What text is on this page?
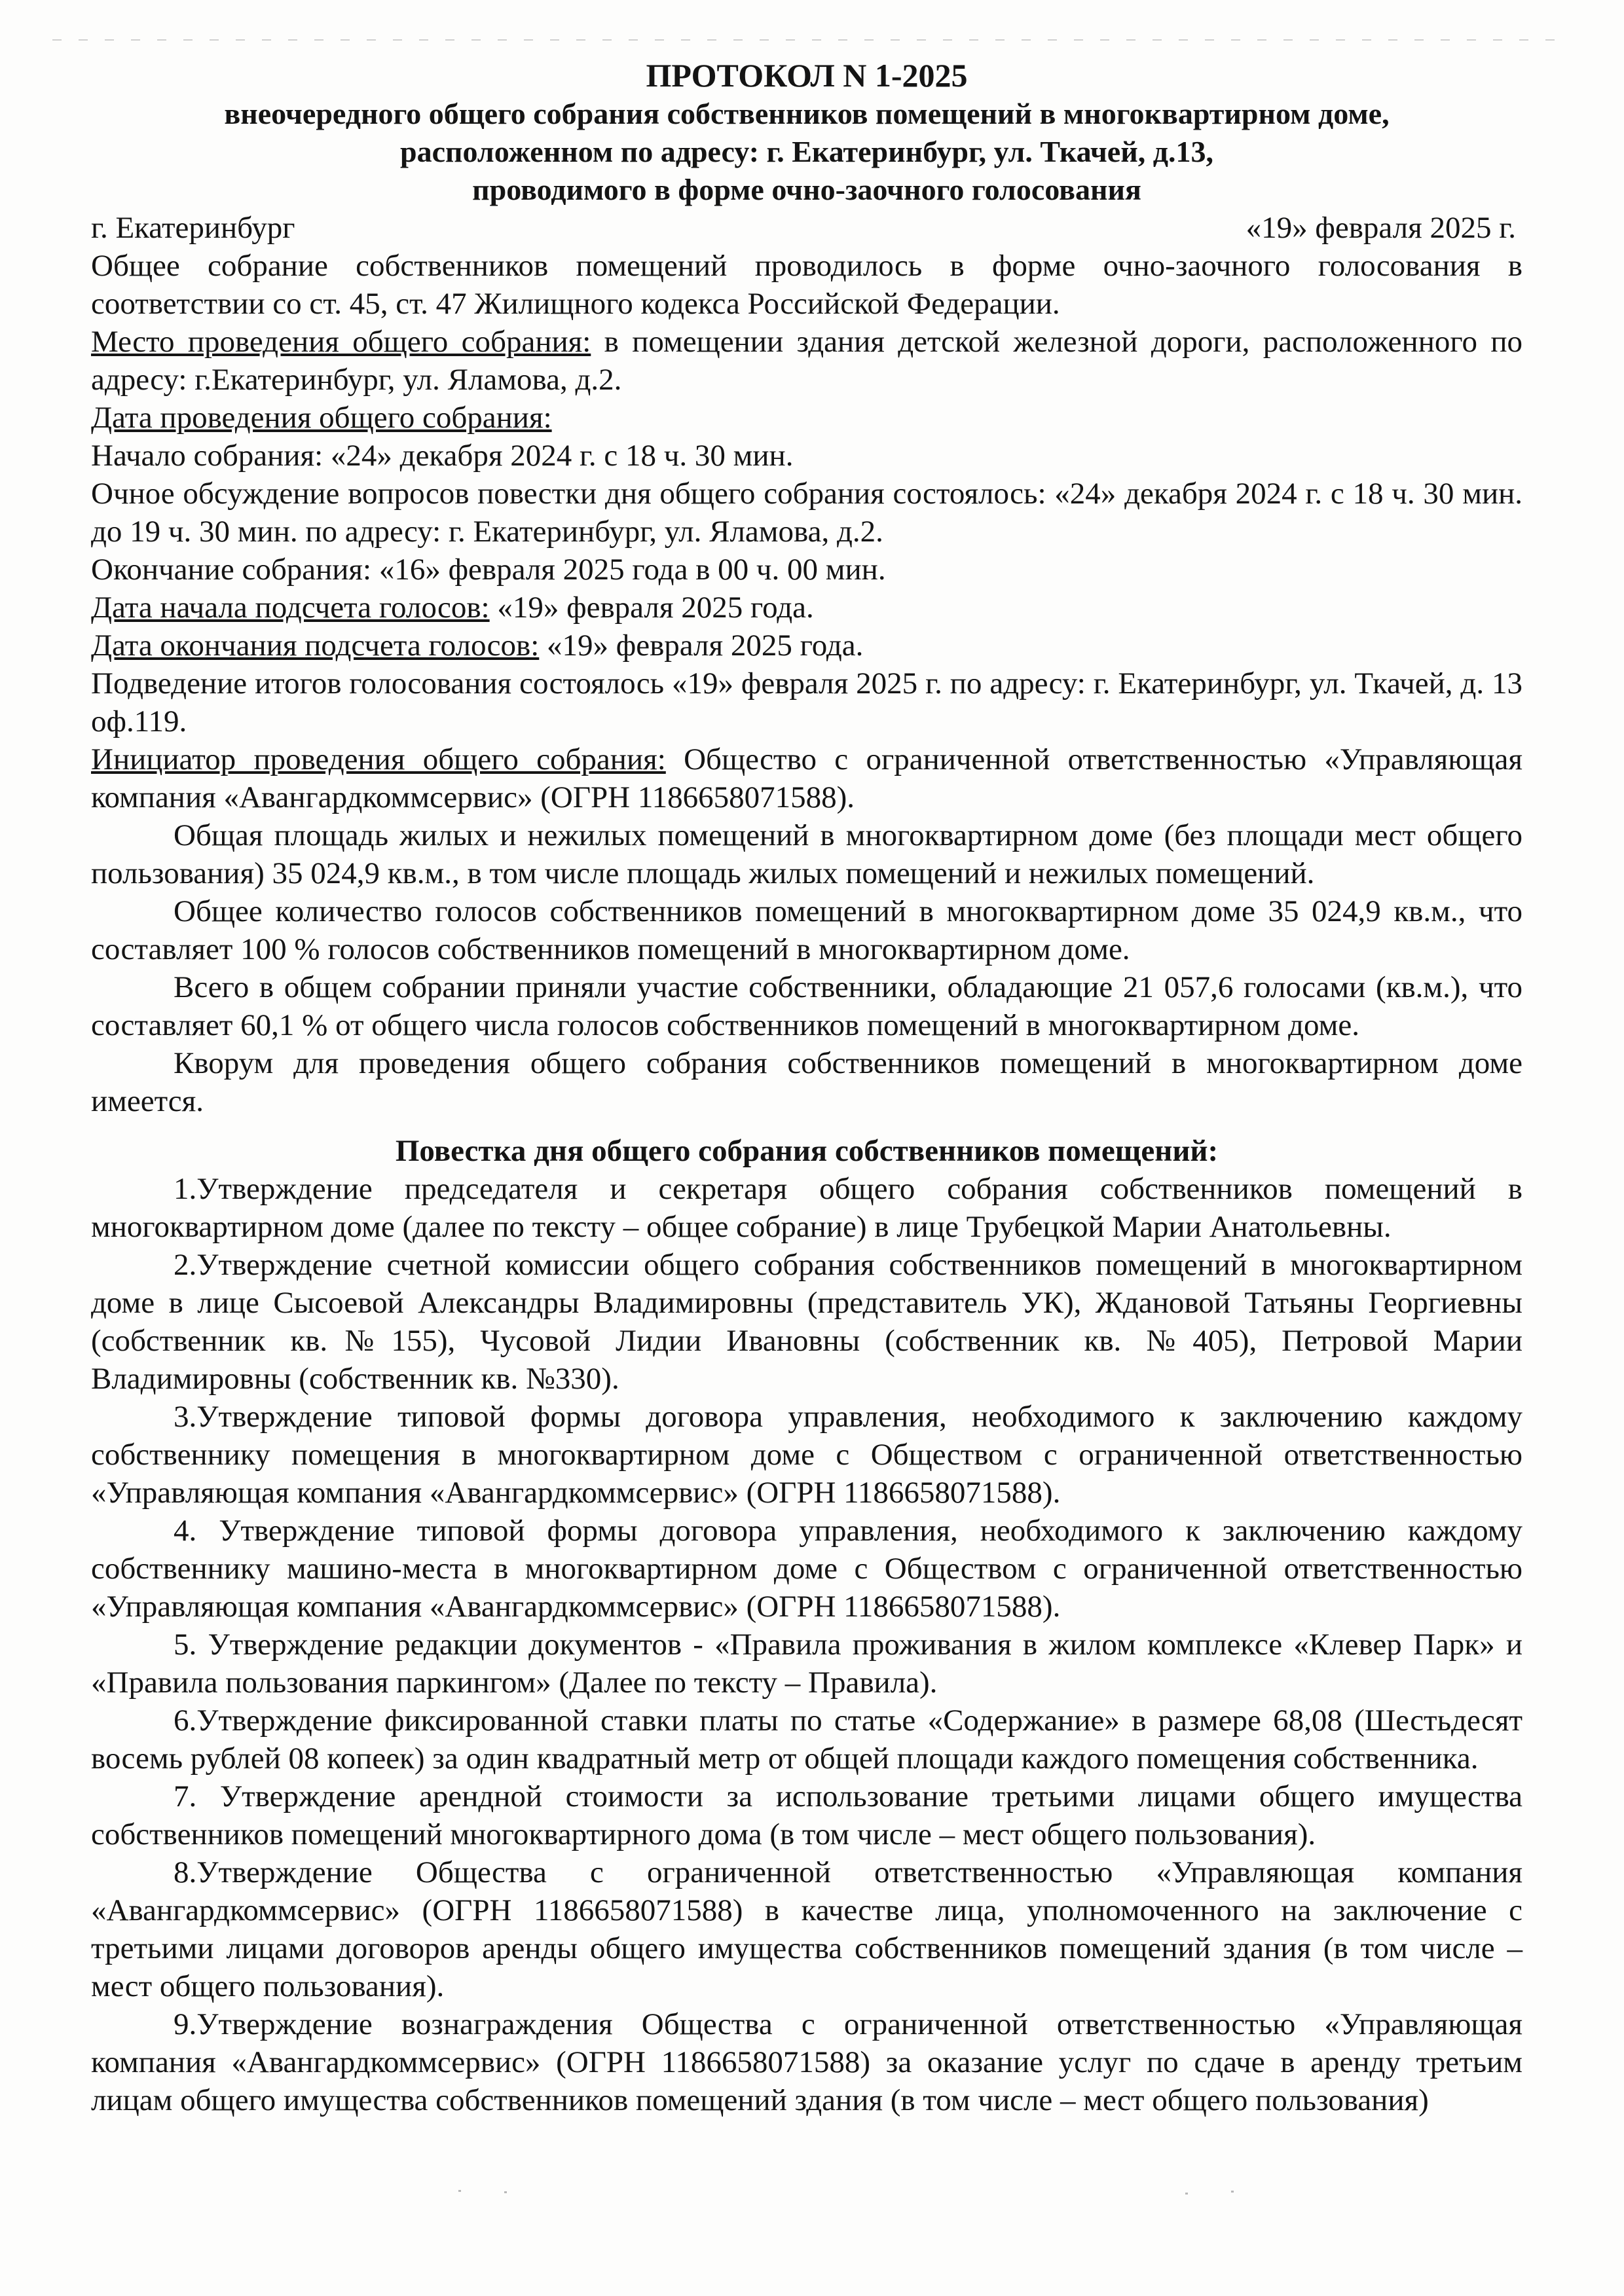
ПРОТОКОЛ N 1-2025
внеочередного общего собрания собственников помещений в многоквартирном доме,
расположенном по адресу: г. Екатеринбург, ул. Ткачей, д.13,
проводимого в форме очно-заочного голосования
г. Екатеринбург	«19» февраля 2025 г.

Общее собрание собственников помещений проводилось в форме очно-заочного голосования в соответствии со ст. 45, ст. 47 Жилищного кодекса Российской Федерации.

Место проведения общего собрания: в помещении здания детской железной дороги, расположенного по адресу: г.Екатеринбург, ул. Яламова, д.2.

Дата проведения общего собрания:

Начало собрания: «24» декабря 2024 г. с 18 ч. 30 мин.

Очное обсуждение вопросов повестки дня общего собрания состоялось: «24» декабря 2024 г. с 18 ч. 30 мин. до 19 ч. 30 мин. по адресу: г. Екатеринбург, ул. Яламова, д.2.

Окончание собрания: «16» февраля 2025 года в 00 ч. 00 мин.

Дата начала подсчета голосов: «19» февраля 2025 года.

Дата окончания подсчета голосов: «19» февраля 2025 года.

Подведение итогов голосования состоялось «19» февраля 2025 г. по адресу: г. Екатеринбург, ул. Ткачей, д. 13 оф.119.

Инициатор проведения общего собрания: Общество с ограниченной ответственностью «Управляющая компания «Авангардкоммсервис» (ОГРН 1186658071588).

Общая площадь жилых и нежилых помещений в многоквартирном доме (без площади мест общего пользования) 35 024,9 кв.м., в том числе площадь жилых помещений и нежилых помещений.

Общее количество голосов собственников помещений в многоквартирном доме 35 024,9 кв.м., что составляет 100 % голосов собственников помещений в многоквартирном доме.

Всего в общем собрании приняли участие собственники, обладающие 21 057,6 голосами (кв.м.), что составляет 60,1 % от общего числа голосов собственников помещений в многоквартирном доме.

Кворум для проведения общего собрания собственников помещений в многоквартирном доме имеется.

Повестка дня общего собрания собственников помещений:

1.Утверждение председателя и секретаря общего собрания собственников помещений в многоквартирном доме (далее по тексту – общее собрание) в лице Трубецкой Марии Анатольевны.

2.Утверждение счетной комиссии общего собрания собственников помещений в многоквартирном доме в лице Сысоевой Александры Владимировны (представитель УК), Ждановой Татьяны Георгиевны (собственник кв.№155), Чусовой Лидии Ивановны (собственник кв. №405), Петровой Марии Владимировны (собственник кв. №330).

3.Утверждение типовой формы договора управления, необходимого к заключению каждому собственнику помещения в многоквартирном доме с Обществом с ограниченной ответственностью «Управляющая компания «Авангардкоммсервис» (ОГРН 1186658071588).

4. Утверждение типовой формы договора управления, необходимого к заключению каждому собственнику машино-места в многоквартирном доме с Обществом с ограниченной ответственностью «Управляющая компания «Авангардкоммсервис» (ОГРН 1186658071588).

5. Утверждение редакции документов - «Правила проживания в жилом комплексе «Клевер Парк» и «Правила пользования паркингом» (Далее по тексту – Правила).

6.Утверждение фиксированной ставки платы по статье «Содержание» в размере 68,08 (Шестьдесят восемь рублей 08 копеек) за один квадратный метр от общей площади каждого помещения собственника.

7. Утверждение арендной стоимости за использование третьими лицами общего имущества собственников помещений многоквартирного дома (в том числе – мест общего пользования).

8.Утверждение Общества с ограниченной ответственностью «Управляющая компания «Авангардкоммсервис» (ОГРН 1186658071588) в качестве лица, уполномоченного на заключение с третьими лицами договоров аренды общего имущества собственников помещений здания (в том числе – мест общего пользования).

9.Утверждение вознаграждения Общества с ограниченной ответственностью «Управляющая компания «Авангардкоммсервис» (ОГРН 1186658071588) за оказание услуг по сдаче в аренду третьим лицам общего имущества собственников помещений здания (в том числе – мест общего пользования)
